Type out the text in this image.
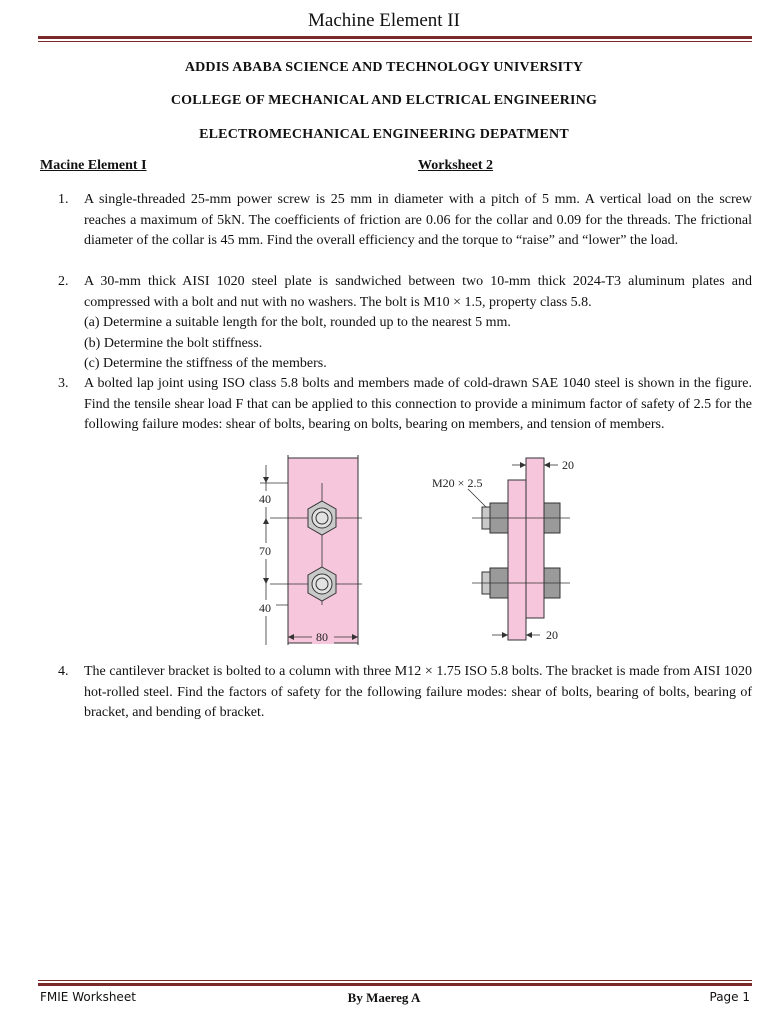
Machine Element II
ADDIS ABABA SCIENCE AND TECHNOLOGY UNIVERSITY
COLLEGE OF MECHANICAL AND ELCTRICAL ENGINEERING
ELECTROMECHANICAL ENGINEERING DEPATMENT
Macine Element I	Worksheet 2
1. A single-threaded 25-mm power screw is 25 mm in diameter with a pitch of 5 mm. A vertical load on the screw reaches a maximum of 5kN. The coefficients of friction are 0.06 for the collar and 0.09 for the threads. The frictional diameter of the collar is 45 mm. Find the overall efficiency and the torque to “raise” and “lower” the load.
2. A 30-mm thick AISI 1020 steel plate is sandwiched between two 10-mm thick 2024-T3 aluminum plates and compressed with a bolt and nut with no washers. The bolt is M10 × 1.5, property class 5.8.
(a) Determine a suitable length for the bolt, rounded up to the nearest 5 mm.
(b) Determine the bolt stiffness.
(c) Determine the stiffness of the members.
3. A bolted lap joint using ISO class 5.8 bolts and members made of cold-drawn SAE 1040 steel is shown in the figure. Find the tensile shear load F that can be applied to this connection to provide a minimum factor of safety of 2.5 for the following failure modes: shear of bolts, bearing on bolts, bearing on members, and tension of members.
40
70
40
80
M20 × 2.5
20
20
4. The cantilever bracket is bolted to a column with three M12 × 1.75 ISO 5.8 bolts. The bracket is made from AISI 1020 hot-rolled steel. Find the factors of safety for the following failure modes: shear of bolts, bearing of bolts, bearing of bracket, and bending of bracket.
FMIE Worksheet	By Maereg A	Page 1
